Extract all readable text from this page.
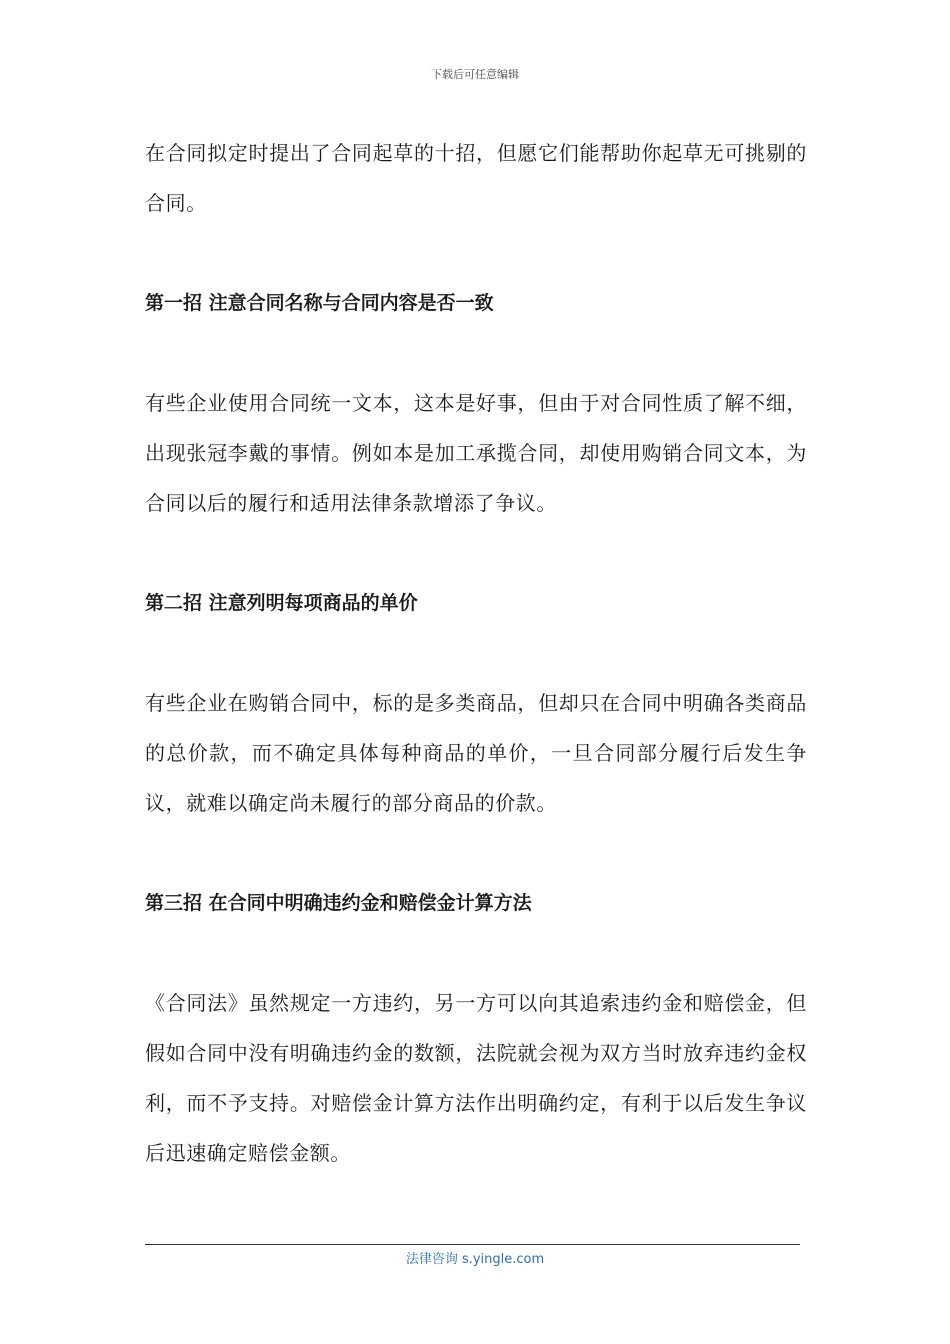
下载后可任意编辑

在合同拟定时提出了合同起草的十招，但愿它们能帮助你起草无可挑剔的合同。

第一招 注意合同名称与合同内容是否一致

有些企业使用合同统一文本，这本是好事，但由于对合同性质了解不细，出现张冠李戴的事情。例如本是加工承揽合同，却使用购销合同文本，为合同以后的履行和适用法律条款增添了争议。

第二招 注意列明每项商品的单价

有些企业在购销合同中，标的是多类商品，但却只在合同中明确各类商品的总价款，而不确定具体每种商品的单价，一旦合同部分履行后发生争议，就难以确定尚未履行的部分商品的价款。

第三招 在合同中明确违约金和赔偿金计算方法

《合同法》虽然规定一方违约，另一方可以向其追索违约金和赔偿金，但假如合同中没有明确违约金的数额，法院就会视为双方当时放弃违约金权利，而不予支持。对赔偿金计算方法作出明确约定，有利于以后发生争议后迅速确定赔偿金额。

法律咨询 s.yingle.com
